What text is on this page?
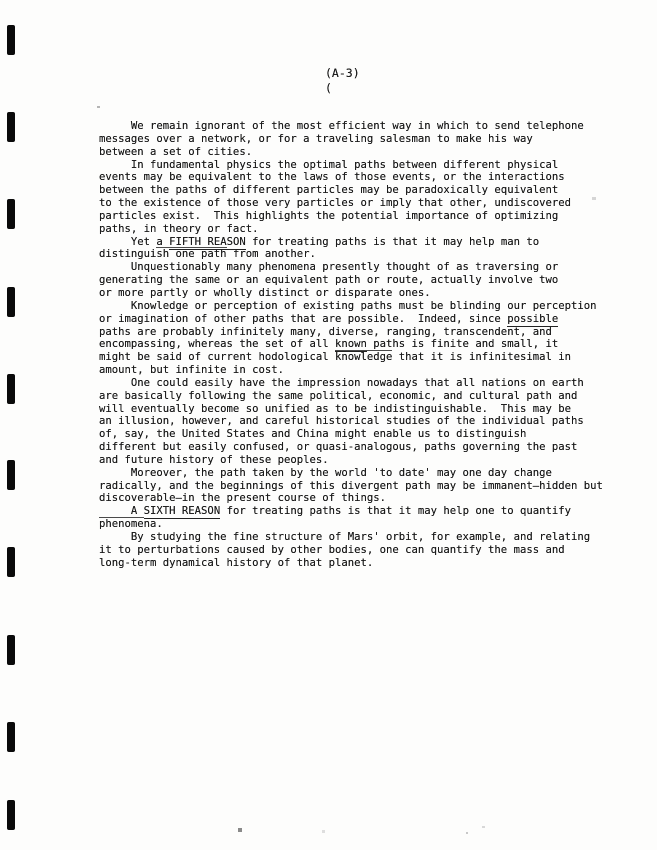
(A-3)
(
We remain ignorant of the most efficient way in which to send telephone
messages over a network, or for a traveling salesman to make his way
between a set of cities.
In fundamental physics the optimal paths between different physical
events may be equivalent to the laws of those events, or the interactions
between the paths of different particles may be paradoxically equivalent
to the existence of those very particles or imply that other, undiscovered
particles exist.  This highlights the potential importance of optimizing
paths, in theory or fact.
Yet a FIFTH REASON for treating paths is that it may help man to
distinguish one path from another.
Unquestionably many phenomena presently thought of as traversing or
generating the same or an equivalent path or route, actually involve two
or more partly or wholly distinct or disparate ones.
Knowledge or perception of existing paths must be blinding our perception
or imagination of other paths that are possible.  Indeed, since possible
paths are probably infinitely many, diverse, ranging, transcendent, and
encompassing, whereas the set of all known paths is finite and small, it
might be said of current hodological knowledge that it is infinitesimal in
amount, but infinite in cost.
One could easily have the impression nowadays that all nations on earth
are basically following the same political, economic, and cultural path and
will eventually become so unified as to be indistinguishable.  This may be
an illusion, however, and careful historical studies of the individual paths
of, say, the United States and China might enable us to distinguish
different but easily confused, or quasi-analogous, paths governing the past
and future history of these peoples.
Moreover, the path taken by the world 'to date' may one day change
radically, and the beginnings of this divergent path may be immanent—hidden but
discoverable—in the present course of things.
A SIXTH REASON for treating paths is that it may help one to quantify
phenomena.
By studying the fine structure of Mars' orbit, for example, and relating
it to perturbations caused by other bodies, one can quantify the mass and
long-term dynamical history of that planet.
